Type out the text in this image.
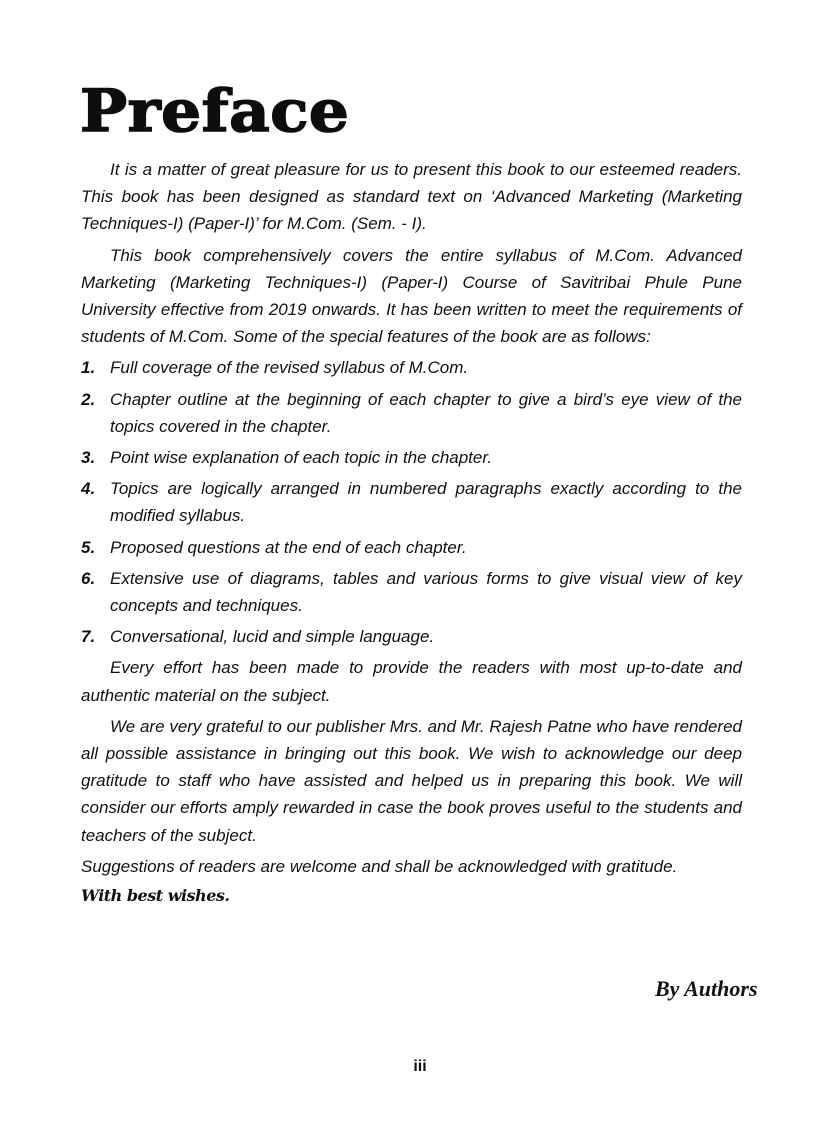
Preface

It is a matter of great pleasure for us to present this book to our esteemed readers. This book has been designed as standard text on ‘Advanced Marketing (Marketing Techniques-I) (Paper-I)’ for M.Com. (Sem. - I).

This book comprehensively covers the entire syllabus of M.Com. Advanced Marketing (Marketing Techniques-I) (Paper-I) Course of Savitribai Phule Pune University effective from 2019 onwards. It has been written to meet the requirements of students of M.Com. Some of the special features of the book are as follows:

1. Full coverage of the revised syllabus of M.Com.
2. Chapter outline at the beginning of each chapter to give a bird’s eye view of the topics covered in the chapter.
3. Point wise explanation of each topic in the chapter.
4. Topics are logically arranged in numbered paragraphs exactly according to the modified syllabus.
5. Proposed questions at the end of each chapter.
6. Extensive use of diagrams, tables and various forms to give visual view of key concepts and techniques.
7. Conversational, lucid and simple language.

Every effort has been made to provide the readers with most up-to-date and authentic material on the subject.

We are very grateful to our publisher Mrs. and Mr. Rajesh Patne who have rendered all possible assistance in bringing out this book. We wish to acknowledge our deep gratitude to staff who have assisted and helped us in preparing this book. We will consider our efforts amply rewarded in case the book proves useful to the students and teachers of the subject.

Suggestions of readers are welcome and shall be acknowledged with gratitude.

With best wishes.

By Authors
iii
